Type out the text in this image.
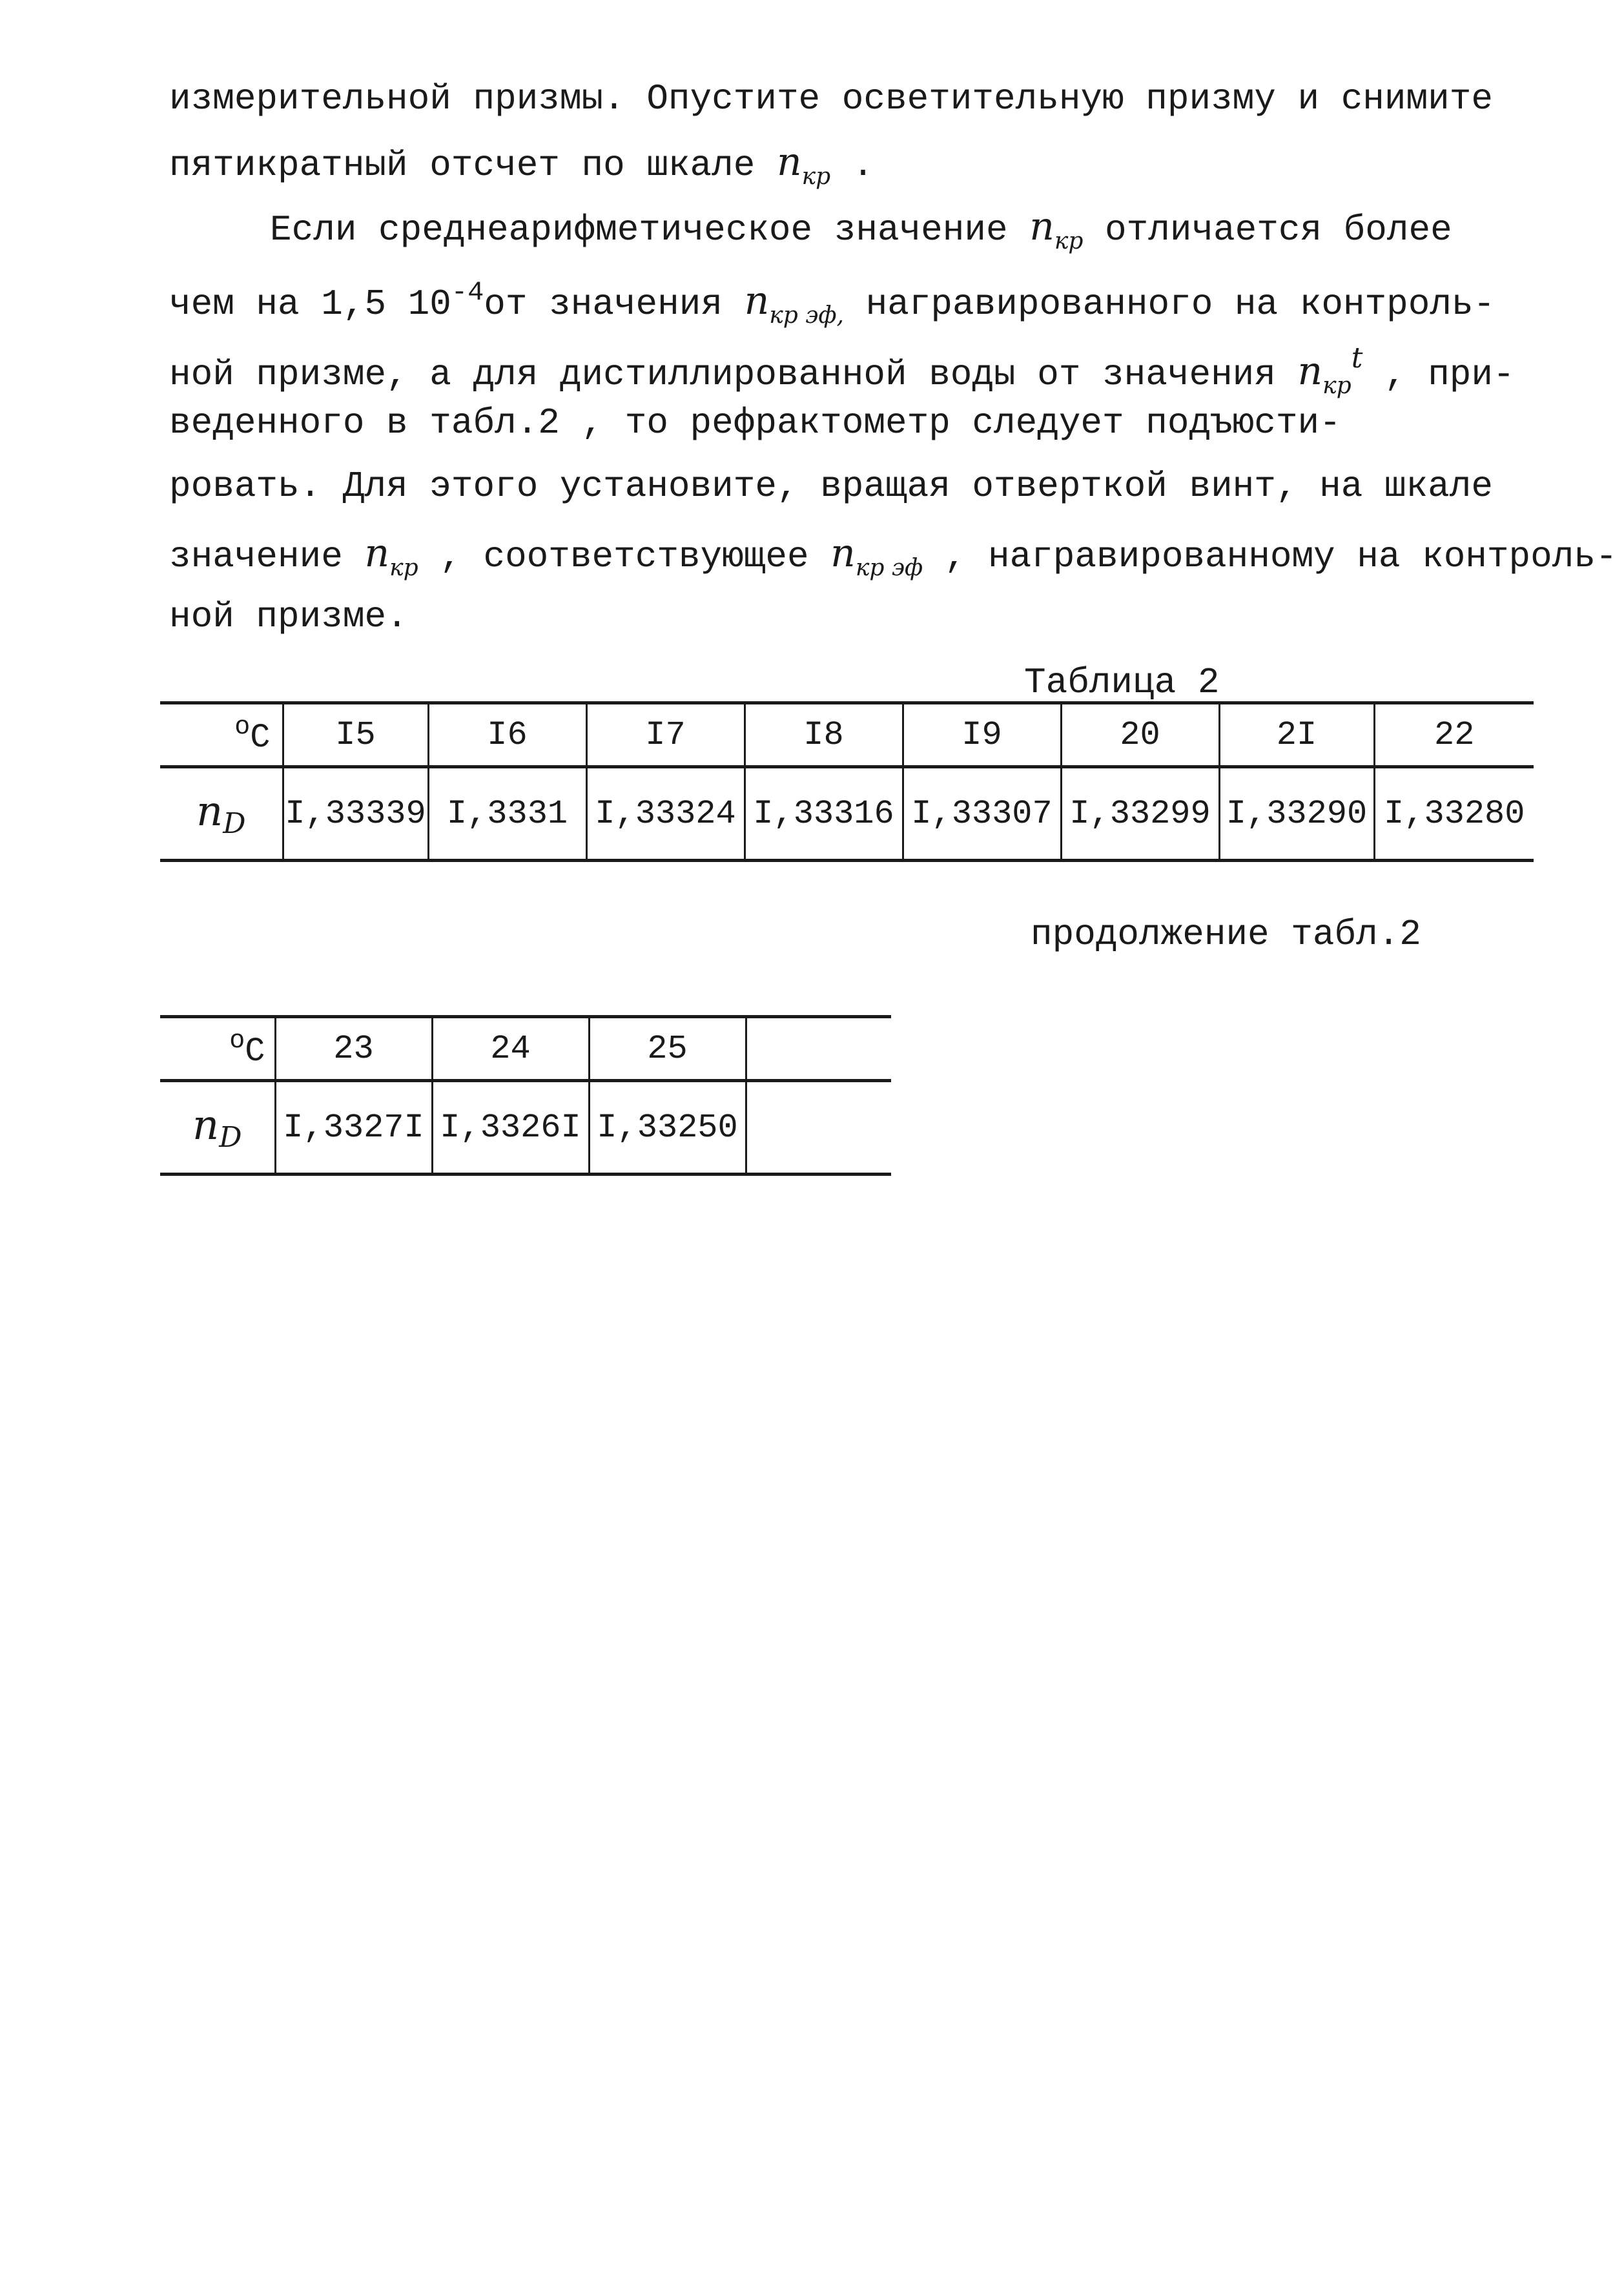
измерительной призмы. Опустите осветительную призму и снимите
пятикратный отсчет по шкале $n_{кр}$ .
Если среднеарифметическое значение $n_{кр}$ отличается более
чем на 1,5 $10^{-4}от$ значения $n_{кр эф,}$ награвированного на контроль-
ной призме, а для дистиллированной воды от значения $n_{кр}^t$ , при-
веденного в табл.2 , то рефрактометр следует подъюсти-
ровать. Для этого установите, вращая отверткой винт, на шкале
значение $n_{кр}$ , соответствующее $n_{кр эф}$ , награвированному на контроль-
ной призме.
Таблица 2
$^o$C	I5	I6	I7	I8	I9	20	2I	22
$n_D$	I,33339	I,3331	I,33324	I,33316	I,33307	I,33299	I,33290	I,33280
продолжение табл.2
$^o$C	23	24	25	
$n_D$	I,3327I	I,3326I	I,33250	
